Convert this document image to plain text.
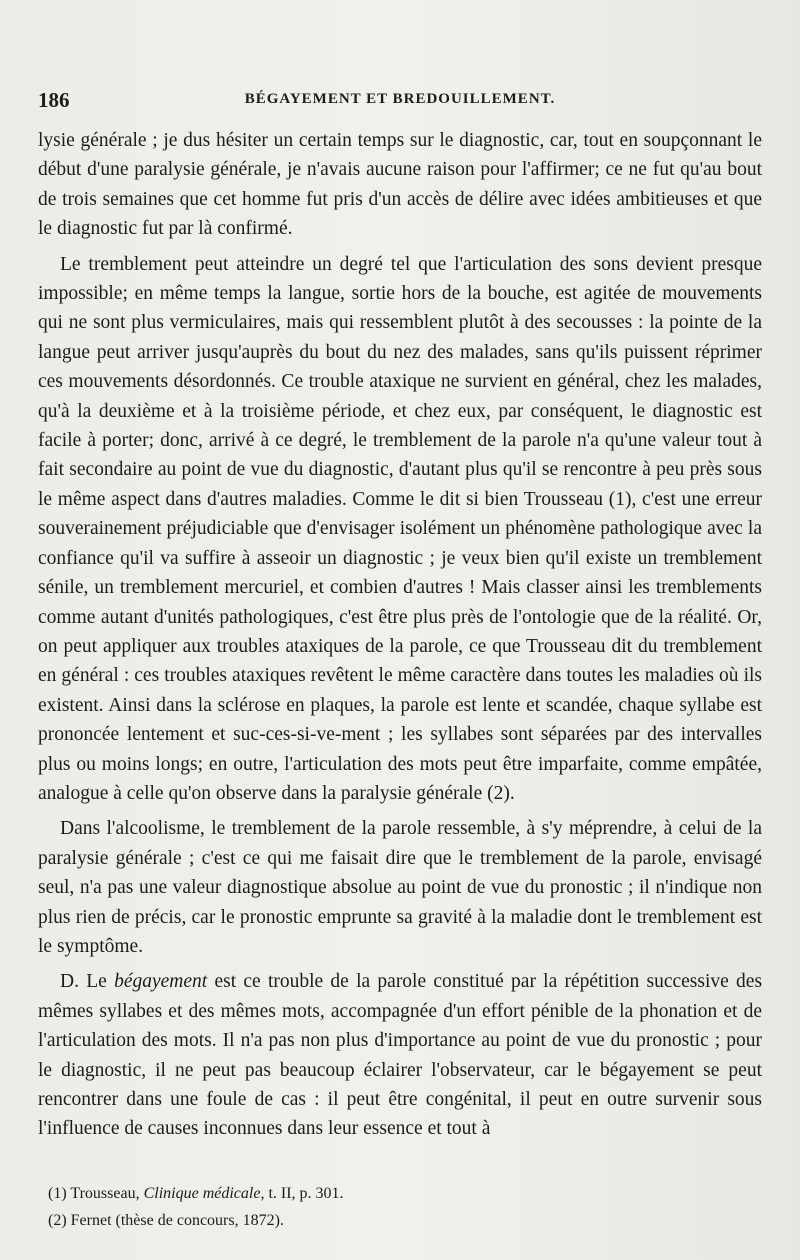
186	BÉGAYEMENT ET BREDOUILLEMENT.

lysie générale ; je dus hésiter un certain temps sur le diagnostic, car, tout en soupçonnant le début d'une paralysie générale, je n'avais aucune raison pour l'affirmer; ce ne fut qu'au bout de trois semaines que cet homme fut pris d'un accès de délire avec idées ambitieuses et que le diagnostic fut par là confirmé.

Le tremblement peut atteindre un degré tel que l'articulation des sons devient presque impossible; en même temps la langue, sortie hors de la bouche, est agitée de mouvements qui ne sont plus vermiculaires, mais qui ressemblent plutôt à des secousses : la pointe de la langue peut arriver jusqu'auprès du bout du nez des malades, sans qu'ils puissent réprimer ces mouvements désordonnés. Ce trouble ataxique ne survient en général, chez les malades, qu'à la deuxième et à la troisième période, et chez eux, par conséquent, le diagnostic est facile à porter; donc, arrivé à ce degré, le tremblement de la parole n'a qu'une valeur tout à fait secondaire au point de vue du diagnostic, d'autant plus qu'il se rencontre à peu près sous le même aspect dans d'autres maladies. Comme le dit si bien Trousseau (1), c'est une erreur souverainement préjudiciable que d'envisager isolément un phénomène pathologique avec la confiance qu'il va suffire à asseoir un diagnostic ; je veux bien qu'il existe un tremblement sénile, un tremblement mercuriel, et combien d'autres ! Mais classer ainsi les tremblements comme autant d'unités pathologiques, c'est être plus près de l'ontologie que de la réalité. Or, on peut appliquer aux troubles ataxiques de la parole, ce que Trousseau dit du tremblement en général : ces troubles ataxiques revêtent le même caractère dans toutes les maladies où ils existent. Ainsi dans la sclérose en plaques, la parole est lente et scandée, chaque syllabe est prononcée lentement et suc-ces-si-ve-ment ; les syllabes sont séparées par des intervalles plus ou moins longs; en outre, l'articulation des mots peut être imparfaite, comme empâtée, analogue à celle qu'on observe dans la paralysie générale (2).

Dans l'alcoolisme, le tremblement de la parole ressemble, à s'y méprendre, à celui de la paralysie générale ; c'est ce qui me faisait dire que le tremblement de la parole, envisagé seul, n'a pas une valeur diagnostique absolue au point de vue du pronostic ; il n'indique non plus rien de précis, car le pronostic emprunte sa gravité à la maladie dont le tremblement est le symptôme.

D. Le bégayement est ce trouble de la parole constitué par la répétition successive des mêmes syllabes et des mêmes mots, accompagnée d'un effort pénible de la phonation et de l'articulation des mots. Il n'a pas non plus d'importance au point de vue du pronostic ; pour le diagnostic, il ne peut pas beaucoup éclairer l'observateur, car le bégayement se peut rencontrer dans une foule de cas : il peut être congénital, il peut en outre survenir sous l'influence de causes inconnues dans leur essence et tout à

(1) Trousseau, Clinique médicale, t. II, p. 301.
(2) Fernet (thèse de concours, 1872).
